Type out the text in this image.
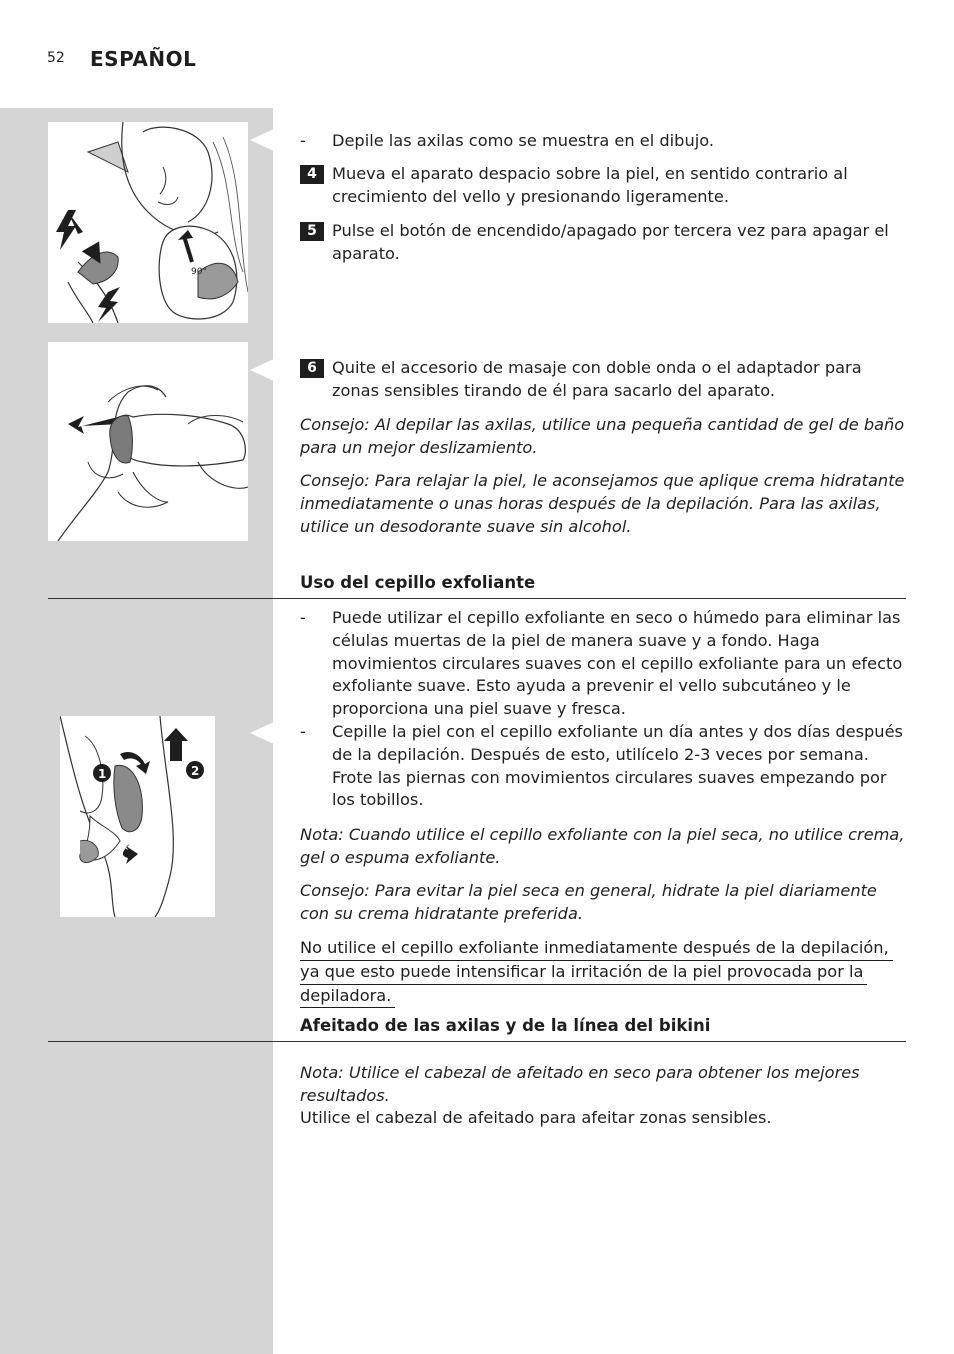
52 ESPAÑOL
90°
- Depile las axilas como se muestra en el dibujo.
4 Mueva el aparato despacio sobre la piel, en sentido contrario al crecimiento del vello y presionando ligeramente.
5 Pulse el botón de encendido/apagado por tercera vez para apagar el aparato.
6 Quite el accesorio de masaje con doble onda o el adaptador para zonas sensibles tirando de él para sacarlo del aparato.
Consejo: Al depilar las axilas, utilice una pequeña cantidad de gel de baño para un mejor deslizamiento.
Consejo: Para relajar la piel, le aconsejamos que aplique crema hidratante inmediatamente o unas horas después de la depilación. Para las axilas, utilice un desodorante suave sin alcohol.
Uso del cepillo exfoliante
1	2
- Puede utilizar el cepillo exfoliante en seco o húmedo para eliminar las células muertas de la piel de manera suave y a fondo. Haga movimientos circulares suaves con el cepillo exfoliante para un efecto exfoliante suave. Esto ayuda a prevenir el vello subcutáneo y le proporciona una piel suave y fresca.
- Cepille la piel con el cepillo exfoliante un día antes y dos días después de la depilación. Después de esto, utilícelo 2-3 veces por semana. Frote las piernas con movimientos circulares suaves empezando por los tobillos.
Nota: Cuando utilice el cepillo exfoliante con la piel seca, no utilice crema, gel o espuma exfoliante.
Consejo: Para evitar la piel seca en general, hidrate la piel diariamente con su crema hidratante preferida.
No utilice el cepillo exfoliante inmediatamente después de la depilación,
ya que esto puede intensificar la irritación de la piel provocada por la
depiladora.
Afeitado de las axilas y de la línea del bikini
Nota: Utilice el cabezal de afeitado en seco para obtener los mejores resultados.
Utilice el cabezal de afeitado para afeitar zonas sensibles.
